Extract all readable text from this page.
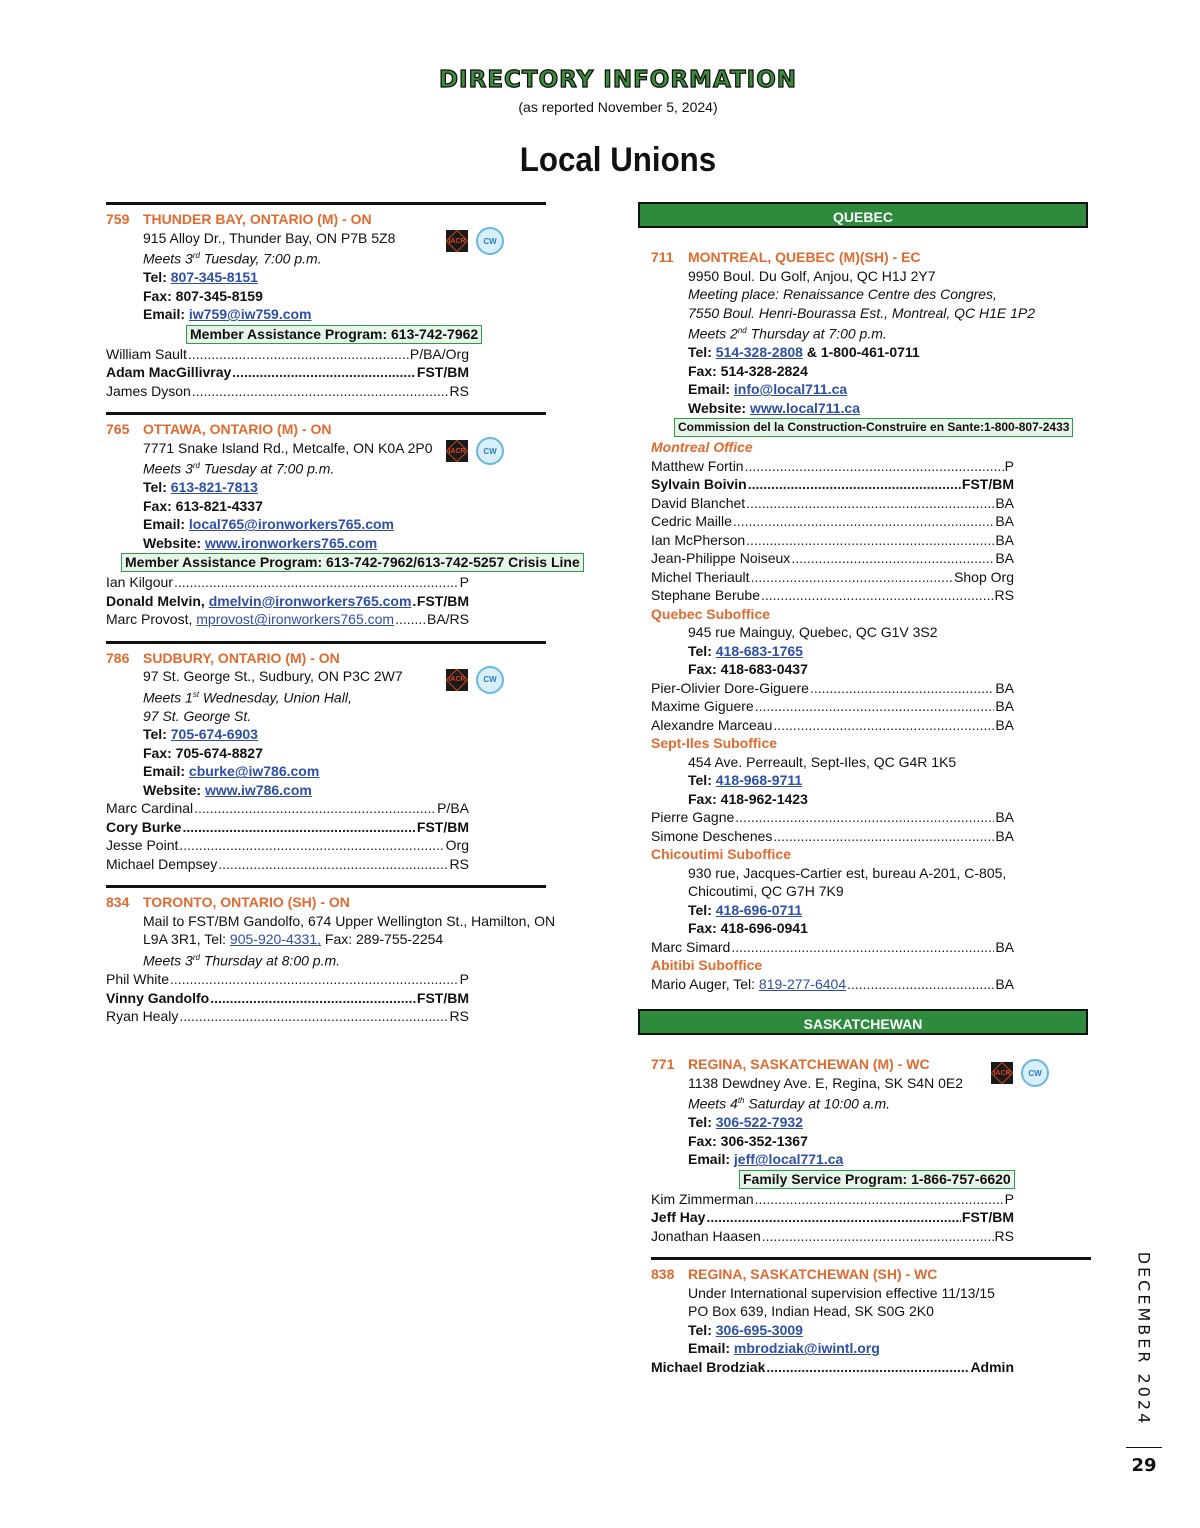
DIRECTORY INFORMATION
(as reported November 5, 2024)
Local Unions
759 THUNDER BAY, ONTARIO (M) - ON
IACR CW
915 Alloy Dr., Thunder Bay, ON P7B 5Z8
Meets 3rd Tuesday, 7:00 p.m.
Tel: 807-345-8151
Fax: 807-345-8159
Email: iw759@iw759.com
Member Assistance Program: 613-742-7962
William Sault .....	P/BA/Org
Adam MacGillivray .....	FST/BM
James Dyson .....	RS
765 OTTAWA, ONTARIO (M) - ON
IACR CW
7771 Snake Island Rd., Metcalfe, ON K0A 2P0
Meets 3rd Tuesday at 7:00 p.m.
Tel: 613-821-7813
Fax: 613-821-4337
Email: local765@ironworkers765.com
Website: www.ironworkers765.com
Member Assistance Program: 613-742-7962/613-742-5257 Crisis Line
Ian Kilgour .....	P
Donald Melvin, dmelvin@ironworkers765.com ..... FST/BM
Marc Provost, mprovost@ironworkers765.com ..... BA/RS
786 SUDBURY, ONTARIO (M) - ON
IACR CW
97 St. George St., Sudbury, ON P3C 2W7
Meets 1st Wednesday, Union Hall,
97 St. George St.
Tel: 705-674-6903
Fax: 705-674-8827
Email: cburke@iw786.com
Website: www.iw786.com
Marc Cardinal .....	P/BA
Cory Burke .....	FST/BM
Jesse Point .....	Org
Michael Dempsey .....	RS
834 TORONTO, ONTARIO (SH) - ON
Mail to FST/BM Gandolfo, 674 Upper Wellington St., Hamilton, ON
L9A 3R1, Tel: 905-920-4331, Fax: 289-755-2254
Meets 3rd Thursday at 8:00 p.m.
Phil White .....	P
Vinny Gandolfo .....	FST/BM
Ryan Healy .....	RS
QUEBEC
711 MONTREAL, QUEBEC (M)(SH) - EC
9950 Boul. Du Golf, Anjou, QC H1J 2Y7
Meeting place: Renaissance Centre des Congres,
7550 Boul. Henri-Bourassa Est., Montreal, QC H1E 1P2
Meets 2nd Thursday at 7:00 p.m.
Tel: 514-328-2808 & 1-800-461-0711
Fax: 514-328-2824
Email: info@local711.ca
Website: www.local711.ca
Commission del la Construction-Construire en Sante:1-800-807-2433
Montreal Office
Matthew Fortin .....	P
Sylvain Boivin .....	FST/BM
David Blanchet .....	BA
Cedric Maille .....	BA
Ian McPherson .....	BA
Jean-Philippe Noiseux .....	BA
Michel Theriault .....	Shop Org
Stephane Berube .....	RS
Quebec Suboffice
945 rue Mainguy, Quebec, QC G1V 3S2
Tel: 418-683-1765
Fax: 418-683-0437
Pier-Olivier Dore-Giguere .....	BA
Maxime Giguere .....	BA
Alexandre Marceau .....	BA
Sept-Iles Suboffice
454 Ave. Perreault, Sept-Iles, QC G4R 1K5
Tel: 418-968-9711
Fax: 418-962-1423
Pierre Gagne .....	BA
Simone Deschenes .....	BA
Chicoutimi Suboffice
930 rue, Jacques-Cartier est, bureau A-201, C-805,
Chicoutimi, QC G7H 7K9
Tel: 418-696-0711
Fax: 418-696-0941
Marc Simard .....	BA
Abitibi Suboffice
Mario Auger, Tel: 819-277-6404 .....	BA
SASKATCHEWAN
771 REGINA, SASKATCHEWAN (M) - WC
IACR CW
1138 Dewdney Ave. E, Regina, SK S4N 0E2
Meets 4th Saturday at 10:00 a.m.
Tel: 306-522-7932
Fax: 306-352-1367
Email: jeff@local771.ca
Family Service Program: 1-866-757-6620
Kim Zimmerman .....	P
Jeff Hay .....	FST/BM
Jonathan Haasen .....	RS
838 REGINA, SASKATCHEWAN (SH) - WC
Under International supervision effective 11/13/15
PO Box 639, Indian Head, SK S0G 2K0
Tel: 306-695-3009
Email: mbrodziak@iwintl.org
Michael Brodziak .....	Admin	DECEMBER 2024
29
